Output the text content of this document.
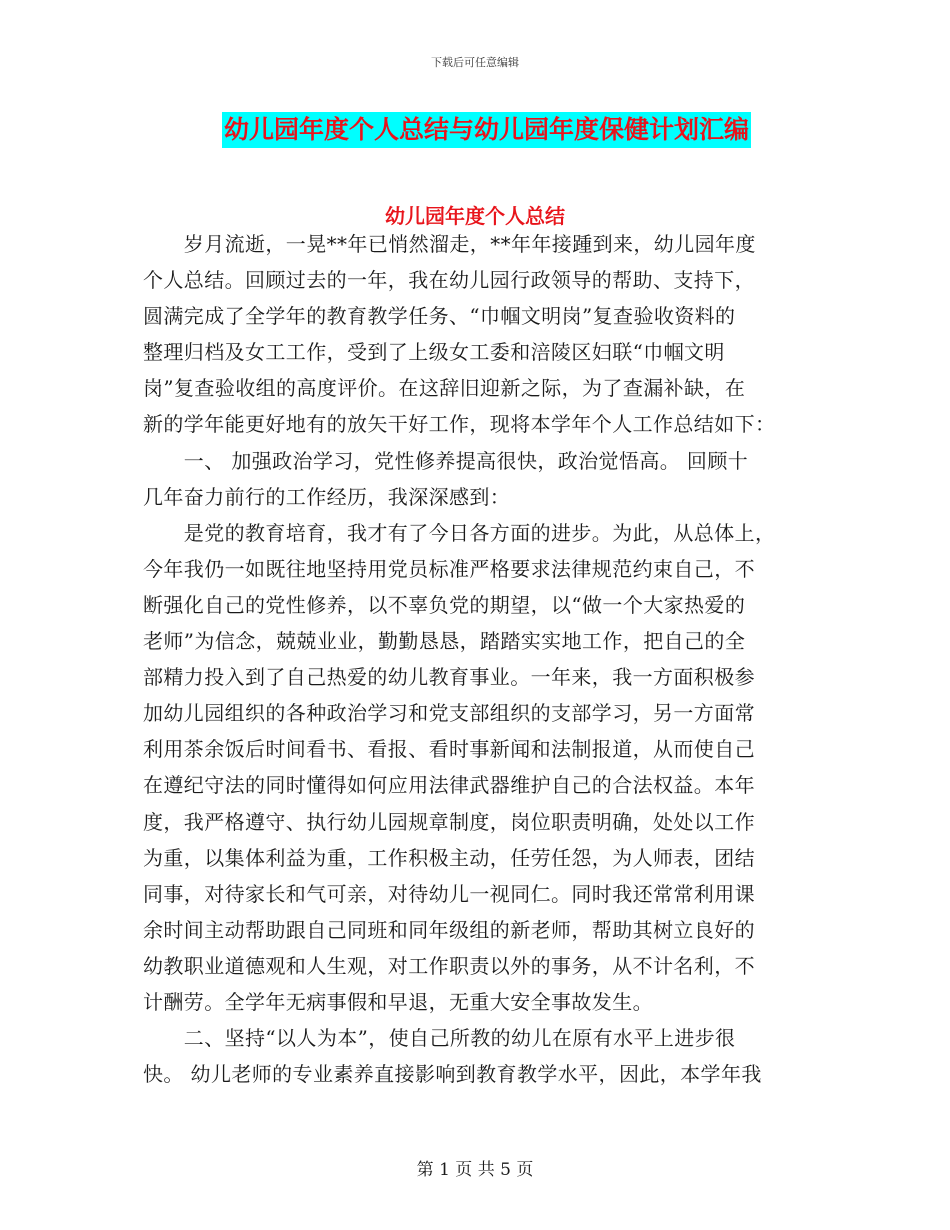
下载后可任意编辑
幼儿园年度个人总结与幼儿园年度保健计划汇编
幼儿园年度个人总结
　　岁月流逝，一晃**年已悄然溜走，**年年接踵到来，幼儿园年度
个人总结。回顾过去的一年，我在幼儿园行政领导的帮助、支持下，
圆满完成了全学年的教育教学任务、“巾帼文明岗”复查验收资料的
整理归档及女工工作，受到了上级女工委和涪陵区妇联“巾帼文明
岗”复查验收组的高度评价。在这辞旧迎新之际，为了查漏补缺，在
新的学年能更好地有的放矢干好工作，现将本学年个人工作总结如下：
　　一、 加强政治学习，党性修养提高很快，政治觉悟高。 回顾十
几年奋力前行的工作经历，我深深感到：
　　是党的教育培育，我才有了今日各方面的进步。为此，从总体上，
今年我仍一如既往地坚持用党员标准严格要求法律规范约束自己，不
断强化自己的党性修养，以不辜负党的期望，以“做一个大家热爱的
老师”为信念，兢兢业业，勤勤恳恳，踏踏实实地工作，把自己的全
部精力投入到了自己热爱的幼儿教育事业。一年来，我一方面积极参
加幼儿园组织的各种政治学习和党支部组织的支部学习，另一方面常
利用茶余饭后时间看书、看报、看时事新闻和法制报道，从而使自己
在遵纪守法的同时懂得如何应用法律武器维护自己的合法权益。本年
度，我严格遵守、执行幼儿园规章制度，岗位职责明确，处处以工作
为重，以集体利益为重，工作积极主动，任劳任怨，为人师表，团结
同事，对待家长和气可亲，对待幼儿一视同仁。同时我还常常利用课
余时间主动帮助跟自己同班和同年级组的新老师，帮助其树立良好的
幼教职业道德观和人生观，对工作职责以外的事务，从不计名利，不
计酬劳。全学年无病事假和早退，无重大安全事故发生。
　　二、坚持“以人为本”，使自己所教的幼儿在原有水平上进步很
快。 幼儿老师的专业素养直接影响到教育教学水平，因此，本学年我
第 1 页 共 5 页
